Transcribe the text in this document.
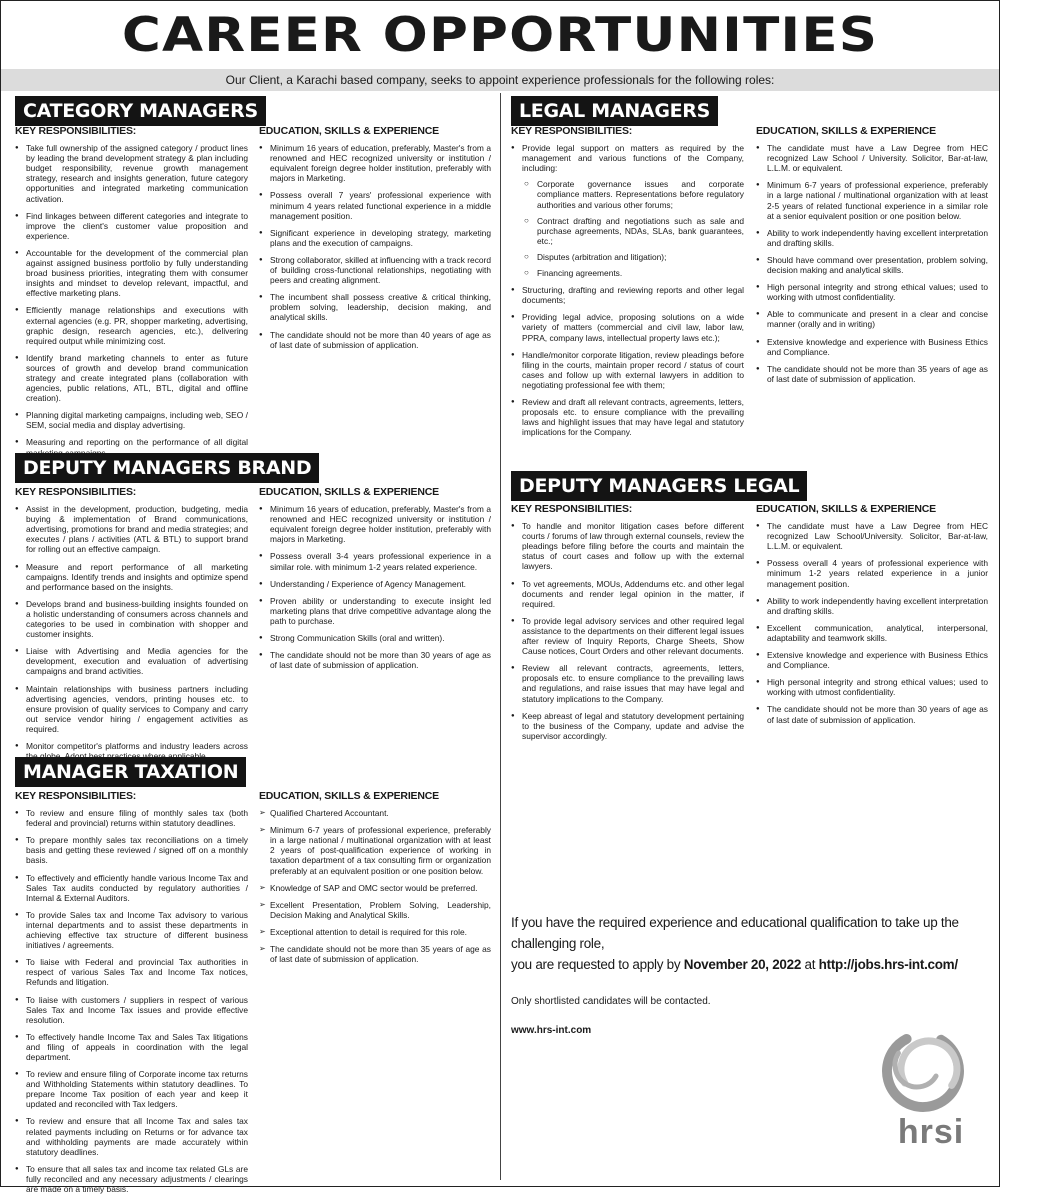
CAREER OPPORTUNITIES
Our Client, a Karachi based company, seeks to appoint experience professionals for the following roles:
CATEGORY MANAGERS
KEY RESPONSIBILITIES:
● Take full ownership of the assigned category / product lines by leading the brand development strategy & plan including budget responsibility, revenue growth management strategy, research and insights generation, future category opportunities and integrated marketing communication activation.
● Find linkages between different categories and integrate to improve the client's customer value proposition and experience.
● Accountable for the development of the commercial plan against assigned business portfolio by fully understanding broad business priorities, integrating them with consumer insights and mindset to develop relevant, impactful, and effective marketing plans.
● Efficiently manage relationships and executions with external agencies (e.g. PR, shopper marketing, advertising, graphic design, research agencies, etc.), delivering required output while minimizing cost.
● Identify brand marketing channels to enter as future sources of growth and develop brand communication strategy and create integrated plans (collaboration with agencies, public relations, ATL, BTL, digital and offline creation).
● Planning digital marketing campaigns, including web, SEO / SEM, social media and display advertising.
● Measuring and reporting on the performance of all digital
EDUCATION, SKILLS & EXPERIENCE
● Minimum 16 years of education, preferably, Master's from a renowned and HEC recognized university or institution / equivalent foreign degree holder institution, preferably with majors in Marketing.
● Possess overall 7 years' professional experience with minimum 4 years related functional experience in a middle management position.
● Significant experience in developing strategy, marketing plans and the execution of campaigns.
● Strong collaborator, skilled at influencing with a track record of building cross-functional relationships, negotiating with peers and creating alignment.
● The incumbent shall possess creative & critical thinking, problem solving, leadership, decision making, and analytical skills.
● The candidate should not be more than 40 years of age as of last date of submission of application.
DEPUTY MANAGERS BRAND
KEY RESPONSIBILITIES:
● Assist in the development, production, budgeting, media buying & implementation of Brand communications, advertising, promotions for brand and media strategies; and executes / plans / activities (ATL & BTL) to support brand for rolling out an effective campaign.
● Measure and report performance of all marketing campaigns. Identify trends and insights and optimize spend and performance based on the insights.
● Develops brand and business-building insights founded on a holistic understanding of consumers across channels and categories to be used in combination with shopper and customer insights.
● Liaise with Advertising and Media agencies for the development, execution and evaluation of advertising campaigns and brand activities.
● Maintain relationships with business partners including advertising agencies, vendors, printing houses etc. to ensure provision of quality services to Company and carry out service vendor hiring / engagement activities as required.
● Monitor competitor's platforms and industry leaders across
EDUCATION, SKILLS & EXPERIENCE
● Minimum 16 years of education, preferably, Master's from a renowned and HEC recognized university or institution / equivalent foreign degree holder institution, preferably with majors in Marketing.
● Possess overall 3-4 years professional experience in a similar role. with minimum 1-2 years related experience.
● Understanding / Experience of Agency Management.
● Proven ability or understanding to execute insight led marketing plans that drive competitive advantage along the path to purchase.
● Strong Communication Skills (oral and written).
● The candidate should not be more than 30 years of age as of last date of submission of application.
MANAGER TAXATION
KEY RESPONSIBILITIES:
● To review and ensure filing of monthly sales tax (both federal and provincial) returns within statutory deadlines.
● To prepare monthly sales tax reconciliations on a timely basis and getting these reviewed / signed off on a monthly basis.
● To effectively and efficiently handle various Income Tax and Sales Tax audits conducted by regulatory authorities / Internal & External Auditors.
● To provide Sales tax and Income Tax advisory to various internal departments and to assist these departments in achieving effective tax structure of different business initiatives / agreements.
● To liaise with Federal and provincial Tax authorities in respect of various Sales Tax and Income Tax notices, Refunds and litigation.
● To liaise with customers / suppliers in respect of various Sales Tax and Income Tax issues and provide effective resolution.
● To effectively handle Income Tax and Sales Tax litigations and filing of appeals in coordination with the legal department.
● To review and ensure filing of Corporate income tax returns and Withholding Statements within statutory deadlines. To prepare Income Tax position of each year and keep it updated and reconciled with Tax ledgers.
● To review and ensure that all Income Tax and sales tax related payments including on Returns or for advance tax and withholding payments are made accurately within statutory deadlines.
● To ensure that all sales tax and income tax related GLs are fully reconciled and any necessary adjustments / clearings are made on a timely basis.
EDUCATION, SKILLS & EXPERIENCE
➢ Qualified Chartered Accountant.
➢ Minimum 6-7 years of professional experience, preferably in a large national / multinational organization with at least 2 years of post-qualification experience of working in taxation department of a tax consulting firm or organization preferably at an equivalent position or one position below.
➢ Knowledge of SAP and OMC sector would be preferred.
➢ Excellent Presentation, Problem Solving, Leadership, Decision Making and Analytical Skills.
➢ Exceptional attention to detail is required for this role.
➢ The candidate should not be more than 35 years of age as of last date of submission of application.
LEGAL MANAGERS
KEY RESPONSIBILITIES:
● Provide legal support on matters as required by the management and various functions of the Company, including:
○ Corporate governance issues and corporate compliance matters. Representations before regulatory authorities and various other forums;
○ Contract drafting and negotiations such as sale and purchase agreements, NDAs, SLAs, bank guarantees, etc.;
○ Disputes (arbitration and litigation);
○ Financing agreements.
● Structuring, drafting and reviewing reports and other legal documents;
● Providing legal advice, proposing solutions on a wide variety of matters (commercial and civil law, labor law, PPRA, company laws, intellectual property laws etc.);
● Handle/monitor corporate litigation, review pleadings before filing in the courts, maintain proper record / status of court cases and follow up with external lawyers in addition to negotiating professional fee with them;
● Review and draft all relevant contracts, agreements, letters, proposals etc. to ensure compliance with the prevailing laws and highlight issues that may have legal and statutory implications for the Company.
EDUCATION, SKILLS & EXPERIENCE
● The candidate must have a Law Degree from HEC recognized Law School / University. Solicitor, Bar-at-law, L.L.M. or equivalent.
● Minimum 6-7 years of professional experience, preferably in a large national / multinational organization with at least 2-5 years of related functional experience in a similar role at a senior equivalent position or one position below.
● Ability to work independently having excellent interpretation and drafting skills.
● Should have command over presentation, problem solving, decision making and analytical skills.
● High personal integrity and strong ethical values; used to working with utmost confidentiality.
● Able to communicate and present in a clear and concise manner (orally and in writing)
● Extensive knowledge and experience with Business Ethics and Compliance.
● The candidate should not be more than 35 years of age as of last date of submission of application.
DEPUTY MANAGERS LEGAL
KEY RESPONSIBILITIES:
● To handle and monitor litigation cases before different courts / forums of law through external counsels, review the pleadings before filing before the courts and maintain the status of court cases and follow up with the external lawyers.
● To vet agreements, MOUs, Addendums etc. and other legal documents and render legal opinion in the matter, if required.
● To provide legal advisory services and other required legal assistance to the departments on their different legal issues after review of Inquiry Reports, Charge Sheets, Show Cause notices, Court Orders and other relevant documents.
● Review all relevant contracts, agreements, letters, proposals etc. to ensure compliance to the prevailing laws and regulations, and raise issues that may have legal and statutory implications to the Company.
● Keep abreast of legal and statutory development pertaining to the business of the Company, update and advise the supervisor accordingly.
EDUCATION, SKILLS & EXPERIENCE
● The candidate must have a Law Degree from HEC recognized Law School/University. Solicitor, Bar-at-law, L.L.M. or equivalent.
● Possess overall 4 years of professional experience with minimum 1-2 years related experience in a junior management position.
● Ability to work independently having excellent interpretation and drafting skills.
● Excellent communication, analytical, interpersonal, adaptability and teamwork skills.
● Extensive knowledge and experience with Business Ethics and Compliance.
● High personal integrity and strong ethical values; used to working with utmost confidentiality.
● The candidate should not be more than 30 years of age as of last date of submission of application.
If you have the required experience and educational qualification to take up the challenging role,
you are requested to apply by November 20, 2022 at http://jobs.hrs-int.com/
Only shortlisted candidates will be contacted.
www.hrs-int.com
hrsi
